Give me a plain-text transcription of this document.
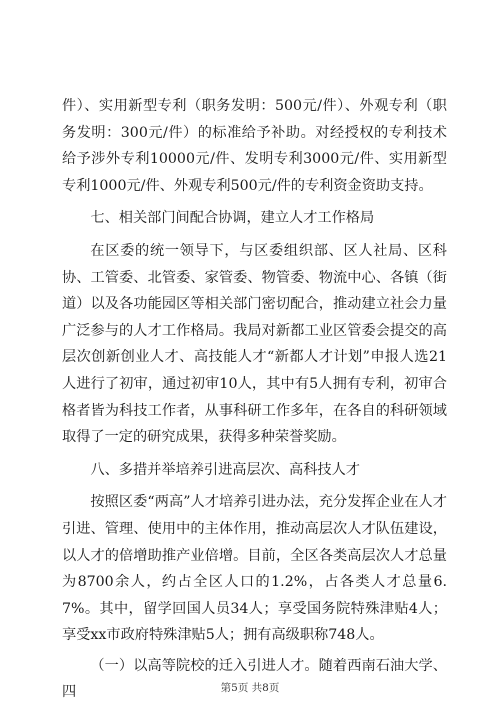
件）、实用新型专利（职务发明：500元/件）、外观专利（职务发明：300元/件）的标准给予补助。对经授权的专利技术给予涉外专利10000元/件、发明专利3000元/件、实用新型专利1000元/件、外观专利500元/件的专利资金资助支持。

七、相关部门间配合协调，建立人才工作格局

在区委的统一领导下，与区委组织部、区人社局、区科协、工管委、北管委、家管委、物管委、物流中心、各镇（街道）以及各功能园区等相关部门密切配合，推动建立社会力量广泛参与的人才工作格局。我局对新都工业区管委会提交的高层次创新创业人才、高技能人才“新都人才计划”申报人选21人进行了初审，通过初审10人，其中有5人拥有专利，初审合格者皆为科技工作者，从事科研工作多年，在各自的科研领域取得了一定的研究成果，获得多种荣誉奖励。

八、多措并举培养引进高层次、高科技人才

按照区委“两高”人才培养引进办法，充分发挥企业在人才引进、管理、使用中的主体作用，推动高层次人才队伍建设，以人才的倍增助推产业倍增。目前，全区各类高层次人才总量为8700余人，约占全区人口的1.2%，占各类人才总量6.7%。其中，留学回国人员34人；享受国务院特殊津贴4人；享受xx市政府特殊津贴5人；拥有高级职称748人。

（一）以高等院校的迁入引进人才。随着西南石油大学、四	第5页 共8页
